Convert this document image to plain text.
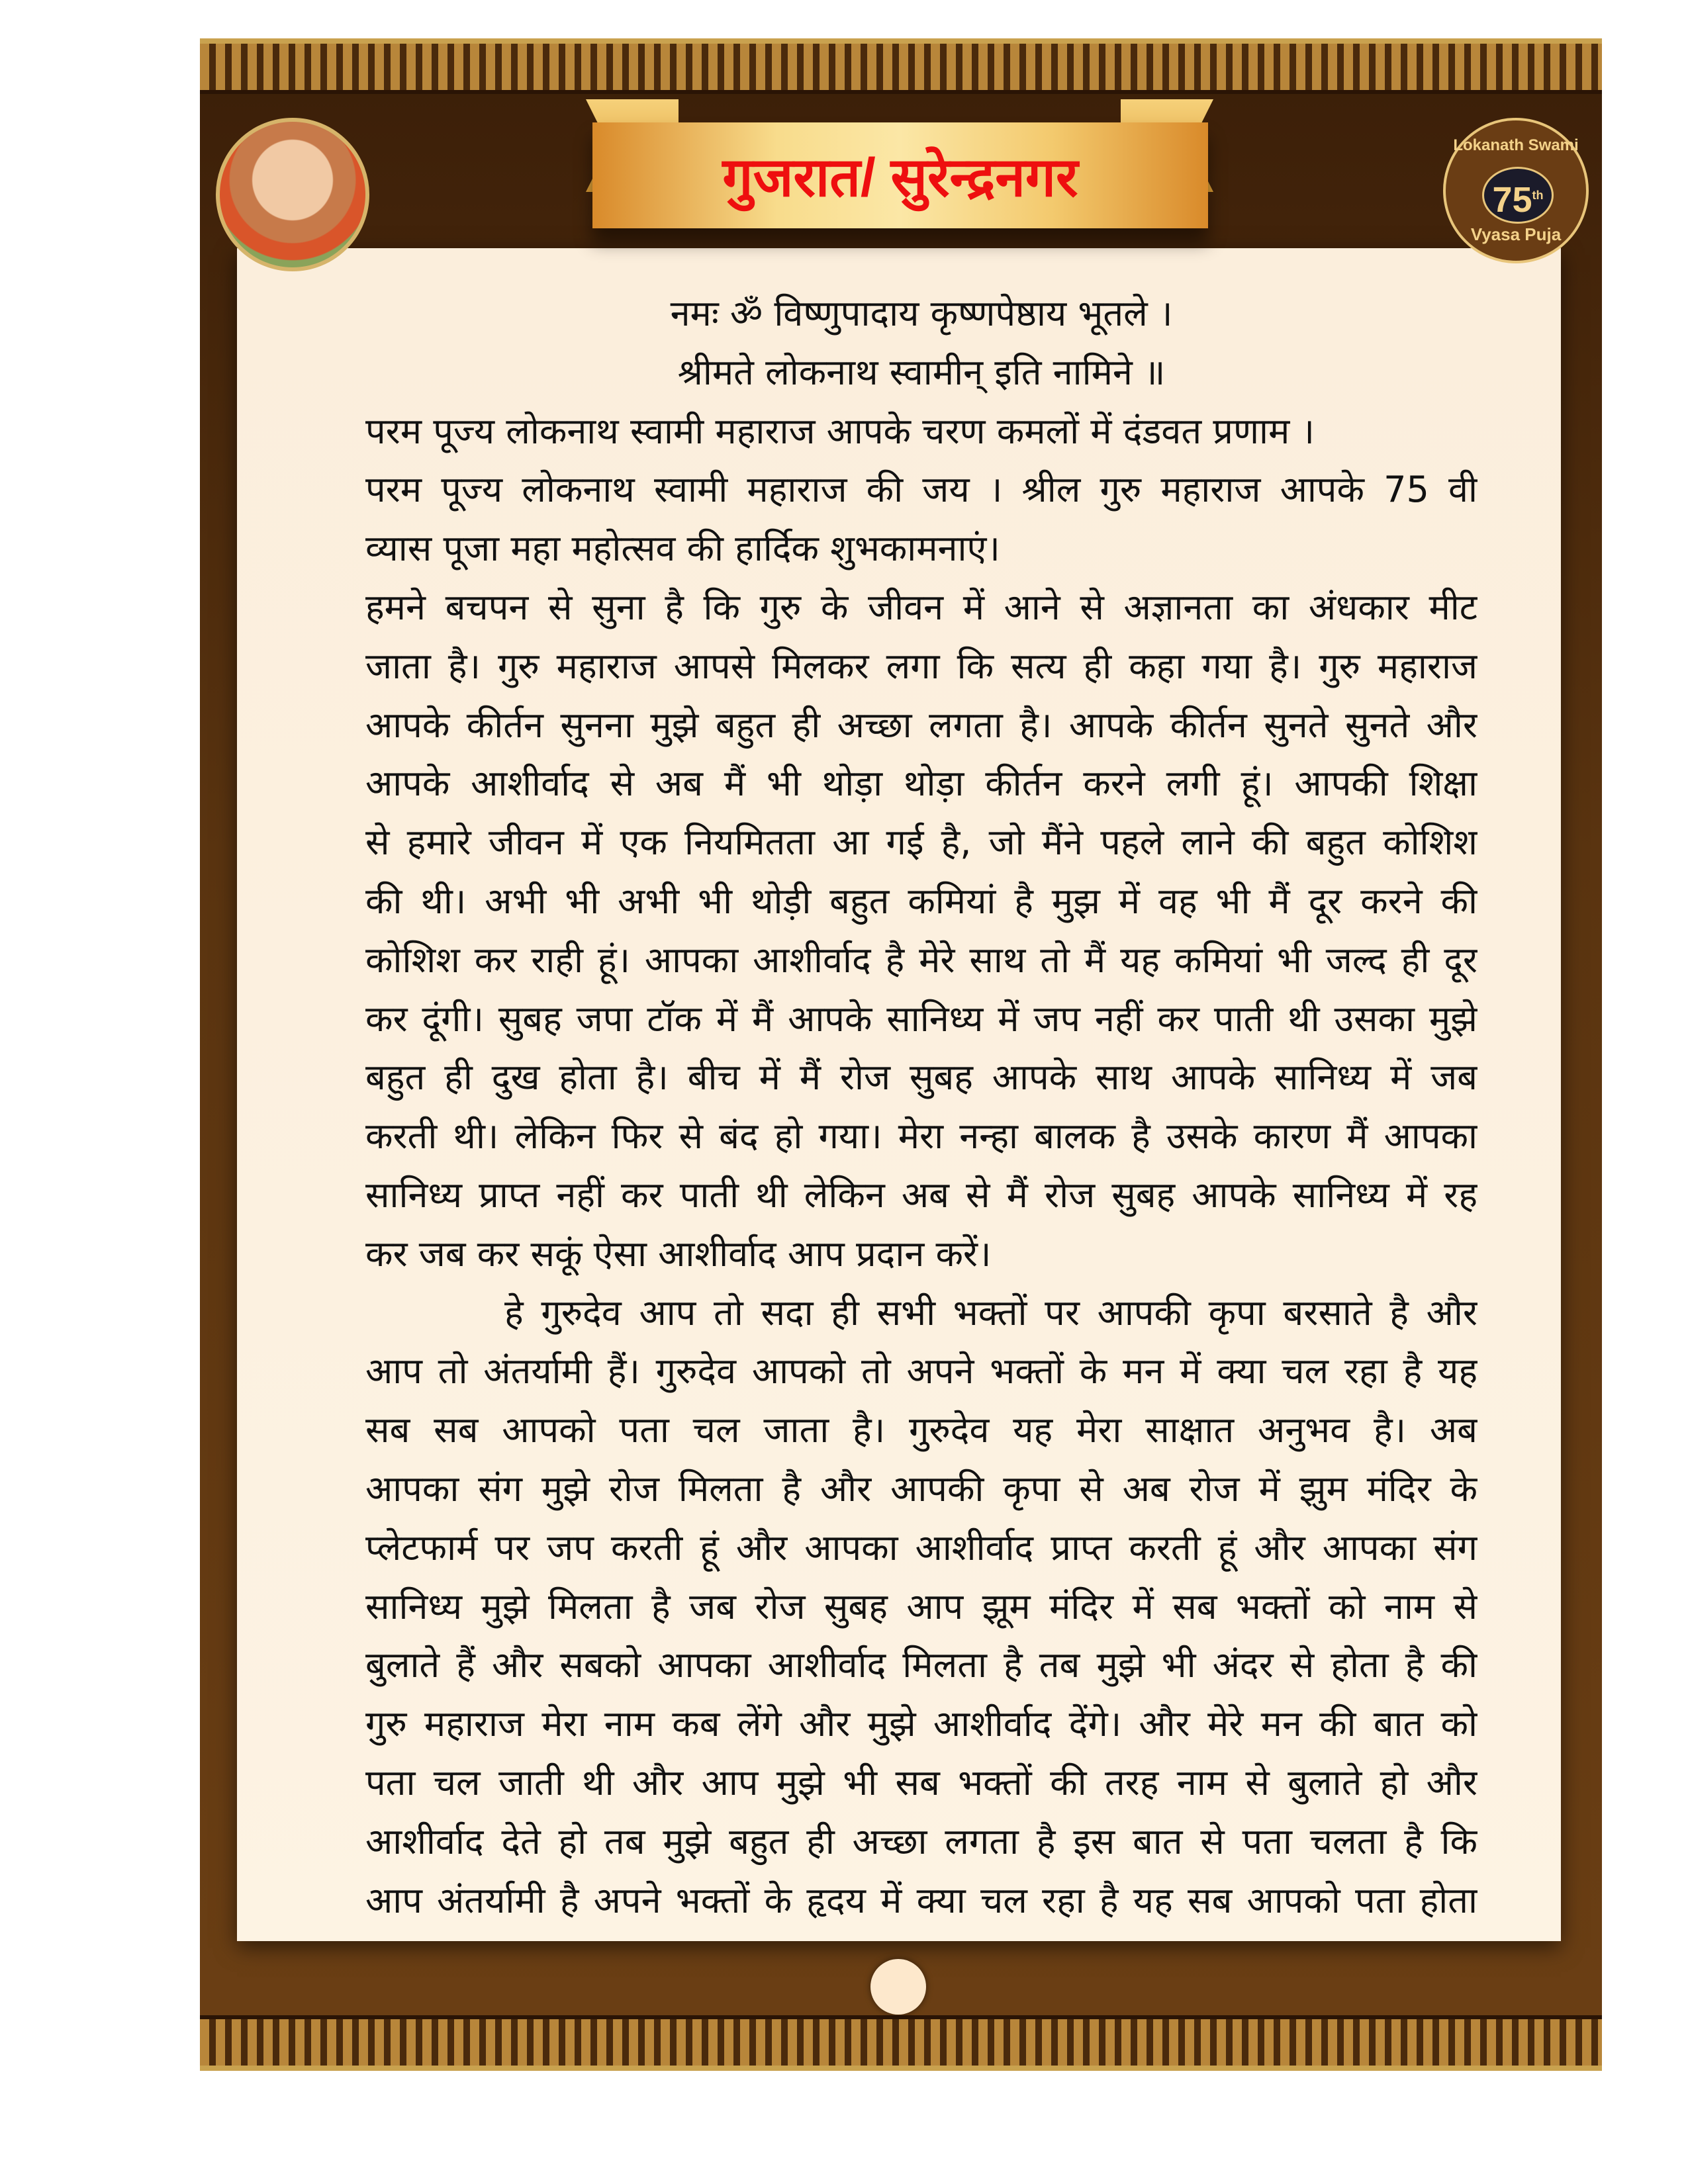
गुजरात/ सुरेन्द्रनगर
Lokanath Swami
75th
Vyasa Puja
नमः ॐ विष्णुपादाय कृष्णपेष्ठाय भूतले ।
श्रीमते लोकनाथ स्वामीन् इति नामिने ॥
परम पूज्य लोकनाथ स्वामी महाराज आपके चरण कमलों में दंडवत प्रणाम ।
परम पूज्य लोकनाथ स्वामी महाराज की जय । श्रील गुरु महाराज आपके 75 वी
व्यास पूजा महा महोत्सव की हार्दिक शुभकामनाएं।
हमने बचपन से सुना है कि गुरु के जीवन में आने से अज्ञानता का अंधकार मीट
जाता है। गुरु महाराज आपसे मिलकर लगा कि सत्य ही कहा गया है। गुरु महाराज
आपके कीर्तन सुनना मुझे बहुत ही अच्छा लगता है। आपके कीर्तन सुनते सुनते और
आपके आशीर्वाद से अब मैं भी थोड़ा थोड़ा कीर्तन करने लगी हूं। आपकी शिक्षा
से हमारे जीवन में एक नियमितता आ गई है, जो मैंने पहले लाने की बहुत कोशिश
की थी। अभी भी अभी भी थोड़ी बहुत कमियां है मुझ में वह भी मैं दूर करने की
कोशिश कर राही हूं। आपका आशीर्वाद है मेरे साथ तो मैं यह कमियां भी जल्द ही दूर
कर दूंगी। सुबह जपा टॉक में मैं आपके सानिध्य में जप नहीं कर पाती थी उसका मुझे
बहुत ही दुख होता है। बीच में मैं रोज सुबह आपके साथ आपके सानिध्य में जब
करती थी। लेकिन फिर से बंद हो गया। मेरा नन्हा बालक है उसके कारण मैं आपका
सानिध्य प्राप्त नहीं कर पाती थी लेकिन अब से मैं रोज सुबह आपके सानिध्य में रह
कर जब कर सकूं ऐसा आशीर्वाद आप प्रदान करें।
हे गुरुदेव आप तो सदा ही सभी भक्तों पर आपकी कृपा बरसाते है और
आप तो अंतर्यामी हैं। गुरुदेव आपको तो अपने भक्तों के मन में क्या चल रहा है यह
सब सब आपको पता चल जाता है। गुरुदेव यह मेरा साक्षात अनुभव है। अब
आपका संग मुझे रोज मिलता है और आपकी कृपा से अब रोज में झुम मंदिर के
प्लेटफार्म पर जप करती हूं और आपका आशीर्वाद प्राप्त करती हूं और आपका संग
सानिध्य मुझे मिलता है जब रोज सुबह आप झूम मंदिर में सब भक्तों को नाम से
बुलाते हैं और सबको आपका आशीर्वाद मिलता है तब मुझे भी अंदर से होता है की
गुरु महाराज मेरा नाम कब लेंगे और मुझे आशीर्वाद देंगे। और मेरे मन की बात को
पता चल जाती थी और आप मुझे भी सब भक्तों की तरह नाम से बुलाते हो और
आशीर्वाद देते हो तब मुझे बहुत ही अच्छा लगता है इस बात से पता चलता है कि
आप अंतर्यामी है अपने भक्तों के हृदय में क्या चल रहा है यह सब आपको पता होता
